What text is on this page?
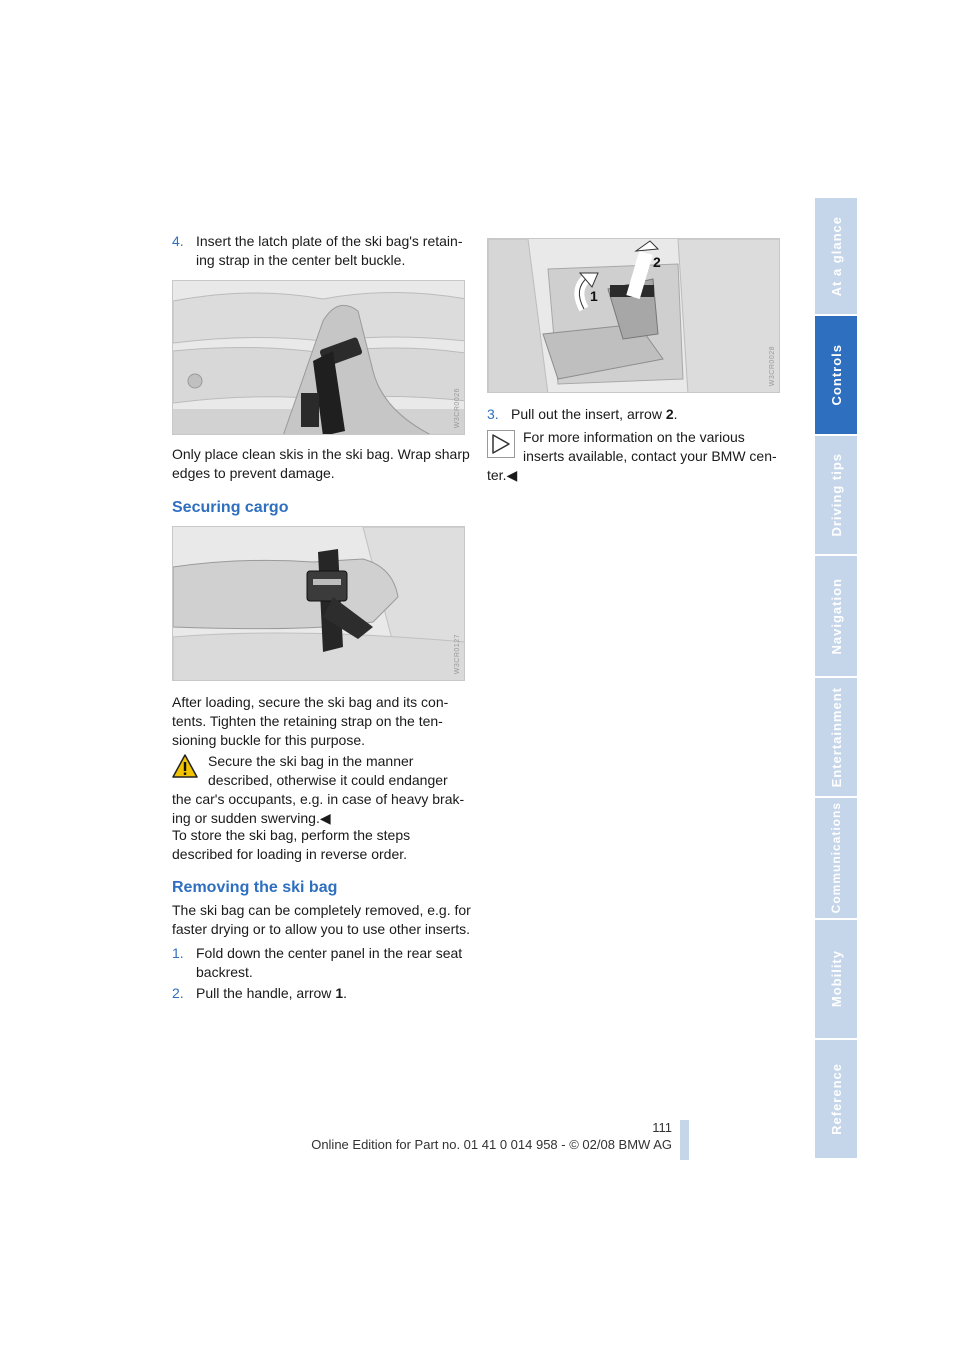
4. Insert the latch plate of the ski bag's retain-
ing strap in the center belt buckle.
W3CR0026
Only place clean skis in the ski bag. Wrap sharp
edges to prevent damage.
Securing cargo
W3CR0127
After loading, secure the ski bag and its con-
tents. Tighten the retaining strap on the ten-
sioning buckle for this purpose.
Secure the ski bag in the manner
described, otherwise it could endanger
the car's occupants, e.g. in case of heavy brak-
ing or sudden swerving.◀
To store the ski bag, perform the steps
described for loading in reverse order.
Removing the ski bag
The ski bag can be completely removed, e.g. for
faster drying or to allow you to use other inserts.
1. Fold down the center panel in the rear seat
backrest.
2. Pull the handle, arrow 1.
1
2
W3CR0028
3. Pull out the insert, arrow 2.
For more information on the various
inserts available, contact your BMW cen-
ter.◀
At a glance
Controls
Driving tips
Navigation
Entertainment
Communications
Mobility
Reference
111
Online Edition for Part no. 01 41 0 014 958 - © 02/08 BMW AG
